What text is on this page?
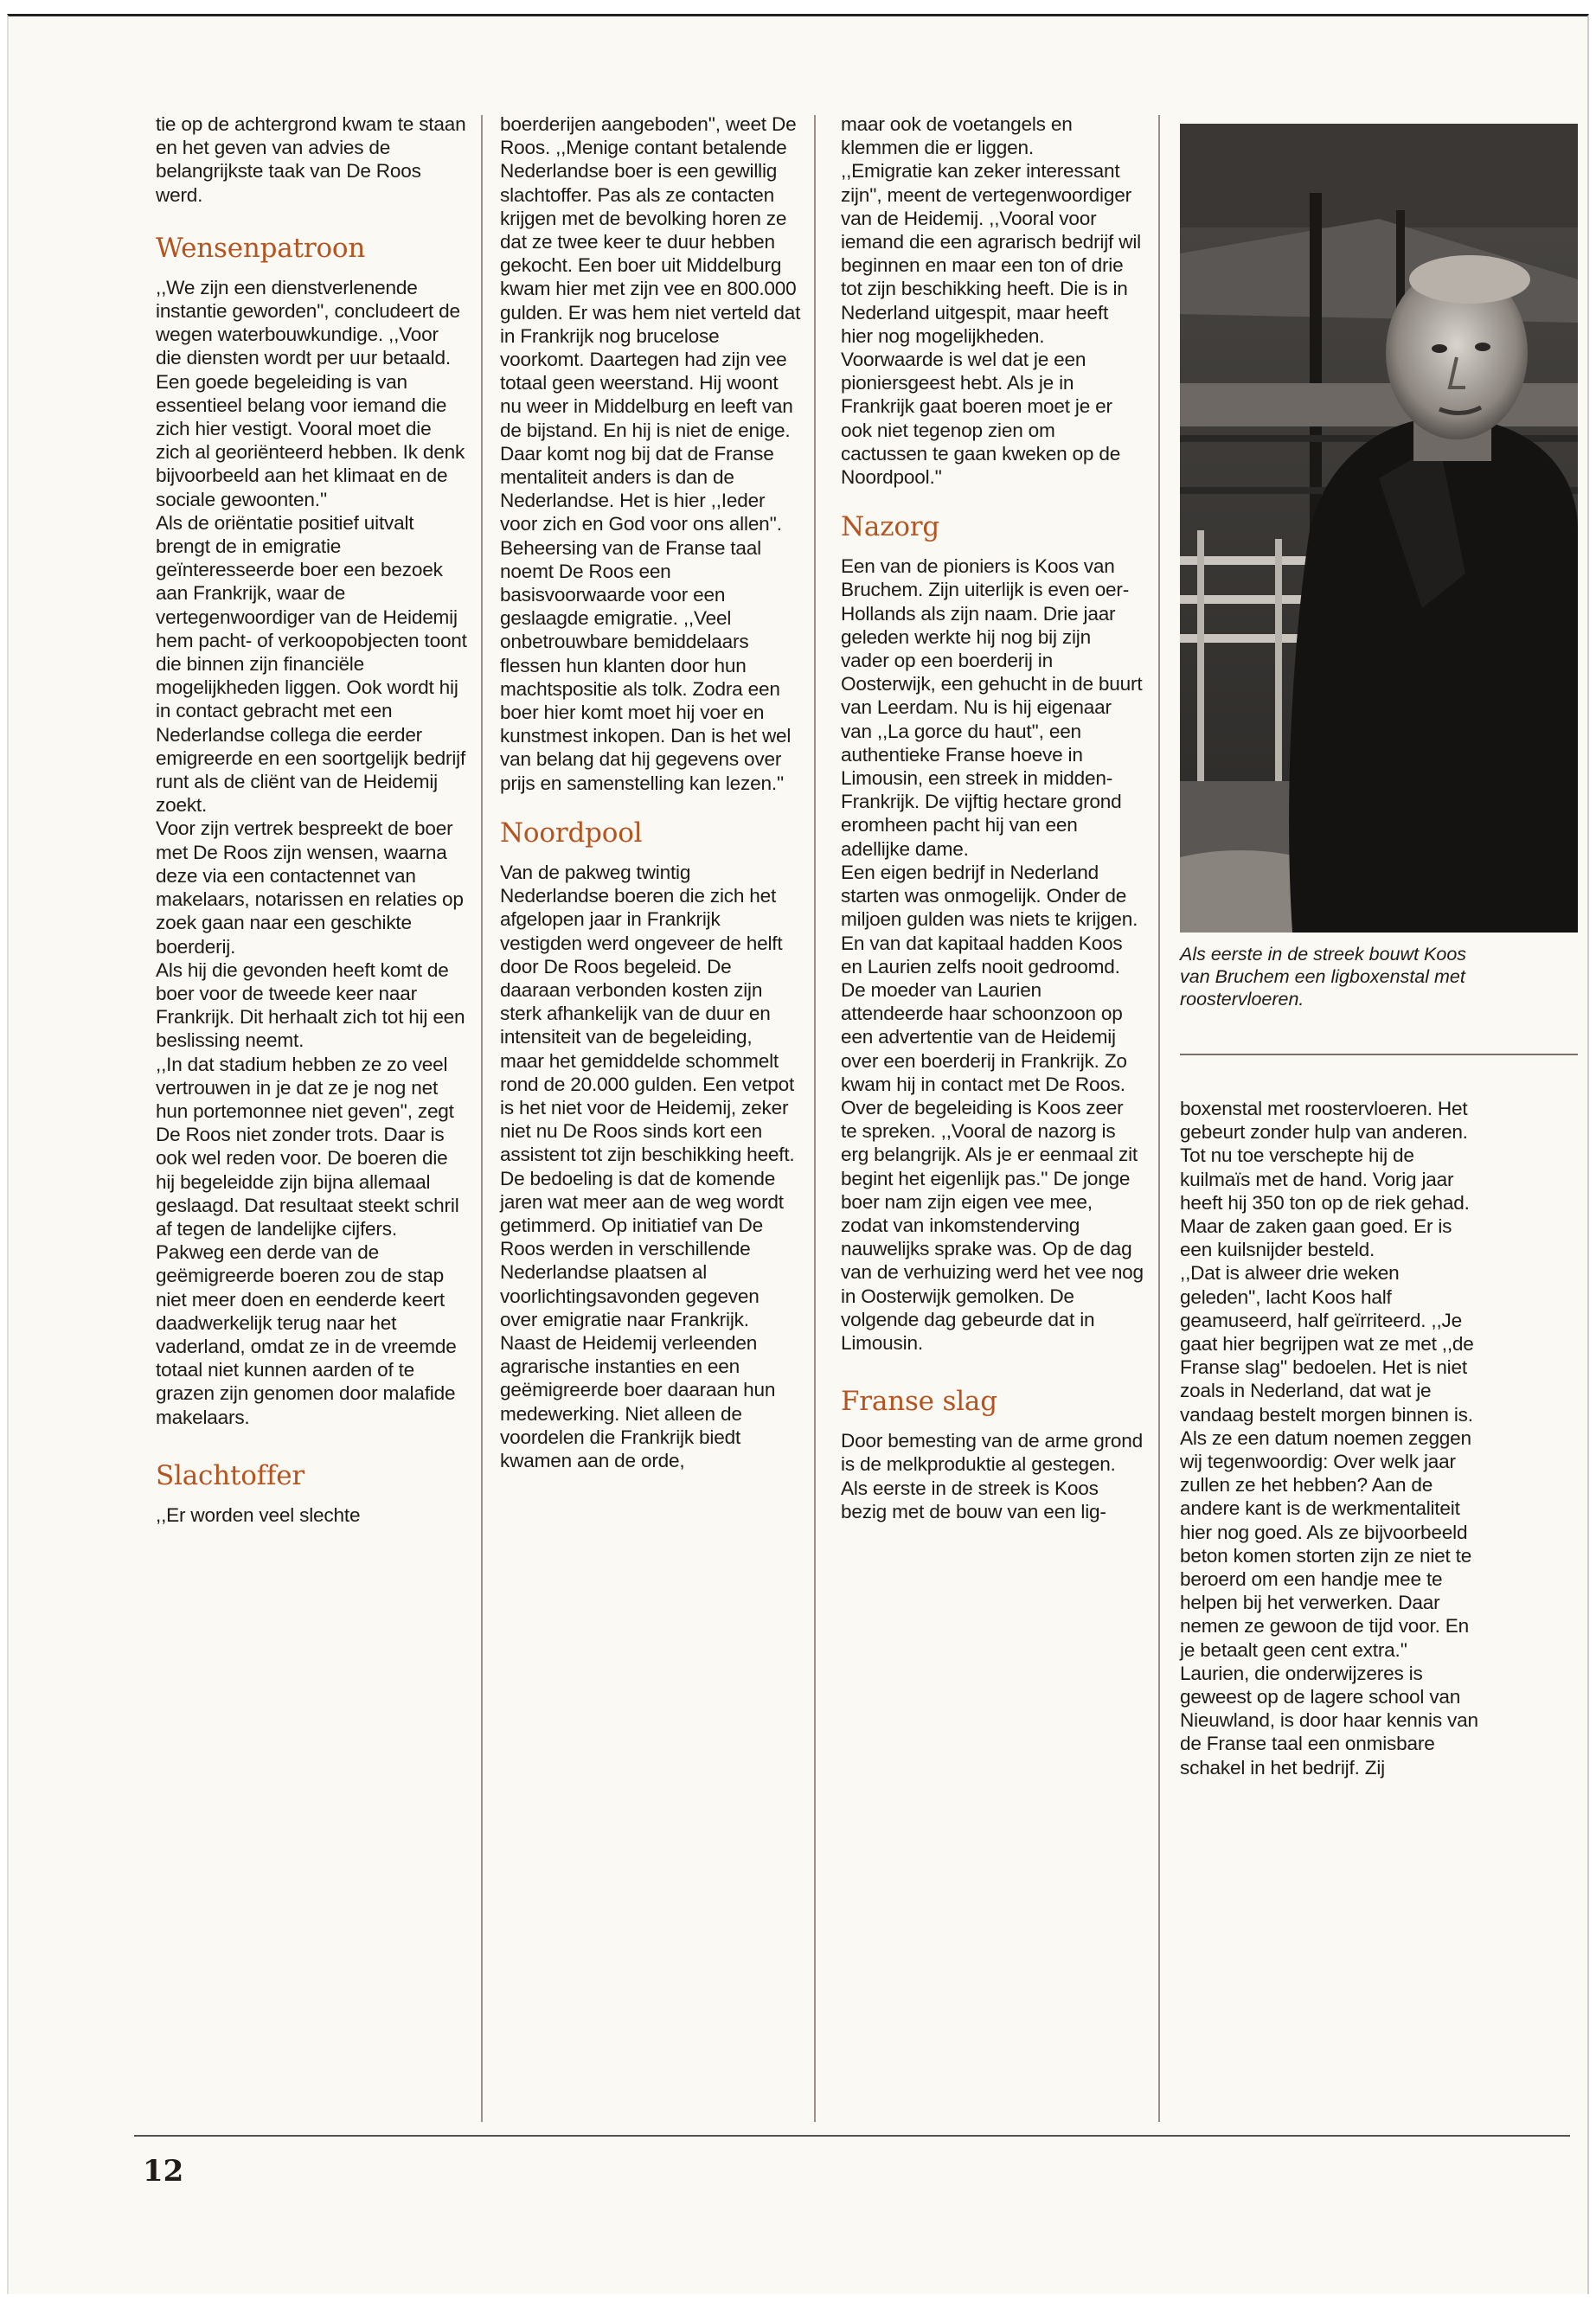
tie op de achtergrond kwam te staan en het geven van advies de belangrijkste taak van De Roos werd.

Wensenpatroon

,,We zijn een dienstverlenende instantie geworden'', concludeert de wegen waterbouwkundige. ,,Voor die diensten wordt per uur betaald. Een goede begeleiding is van essentieel belang voor iemand die zich hier vestigt. Vooral moet die zich al georiënteerd hebben. Ik denk bijvoorbeeld aan het klimaat en de sociale gewoonten.''

Als de oriëntatie positief uitvalt brengt de in emigratie geïnteresseerde boer een bezoek aan Frankrijk, waar de vertegenwoordiger van de Heidemij hem pacht- of verkoopobjecten toont die binnen zijn financiële mogelijkheden liggen. Ook wordt hij in contact gebracht met een Nederlandse collega die eerder emigreerde en een soortgelijk bedrijf runt als de cliënt van de Heidemij zoekt.

Voor zijn vertrek bespreekt de boer met De Roos zijn wensen, waarna deze via een contactennet van makelaars, notarissen en relaties op zoek gaan naar een geschikte boerderij.

Als hij die gevonden heeft komt de boer voor de tweede keer naar Frankrijk. Dit herhaalt zich tot hij een beslissing neemt.

,,In dat stadium hebben ze zo veel vertrouwen in je dat ze je nog net hun portemonnee niet geven'', zegt De Roos niet zonder trots. Daar is ook wel reden voor. De boeren die hij begeleidde zijn bijna allemaal geslaagd. Dat resultaat steekt schril af tegen de landelijke cijfers. Pakweg een derde van de geëmigreerde boeren zou de stap niet meer doen en eenderde keert daadwerkelijk terug naar het vaderland, omdat ze in de vreemde totaal niet kunnen aarden of te grazen zijn genomen door malafide makelaars.

Slachtoffer

,,Er worden veel slechte

boerderijen aangeboden'', weet De Roos. ,,Menige contant betalende Nederlandse boer is een gewillig slachtoffer. Pas als ze contacten krijgen met de bevolking horen ze dat ze twee keer te duur hebben gekocht. Een boer uit Middelburg kwam hier met zijn vee en 800.000 gulden. Er was hem niet verteld dat in Frankrijk nog brucelose voorkomt. Daartegen had zijn vee totaal geen weerstand. Hij woont nu weer in Middelburg en leeft van de bijstand. En hij is niet de enige. Daar komt nog bij dat de Franse mentaliteit anders is dan de Nederlandse. Het is hier ,,Ieder voor zich en God voor ons allen''.

Beheersing van de Franse taal noemt De Roos een basisvoorwaarde voor een geslaagde emigratie. ,,Veel onbetrouwbare bemiddelaars flessen hun klanten door hun machtspositie als tolk. Zodra een boer hier komt moet hij voer en kunstmest inkopen. Dan is het wel van belang dat hij gegevens over prijs en samenstelling kan lezen.''

Noordpool

Van de pakweg twintig Nederlandse boeren die zich het afgelopen jaar in Frankrijk vestigden werd ongeveer de helft door De Roos begeleid. De daaraan verbonden kosten zijn sterk afhankelijk van de duur en intensiteit van de begeleiding, maar het gemiddelde schommelt rond de 20.000 gulden. Een vetpot is het niet voor de Heidemij, zeker niet nu De Roos sinds kort een assistent tot zijn beschikking heeft.

De bedoeling is dat de komende jaren wat meer aan de weg wordt getimmerd. Op initiatief van De Roos werden in verschillende Nederlandse plaatsen al voorlichtingsavonden gegeven over emigratie naar Frankrijk. Naast de Heidemij verleenden agrarische instanties en een geëmigreerde boer daaraan hun medewerking. Niet alleen de voordelen die Frankrijk biedt kwamen aan de orde,

maar ook de voetangels en klemmen die er liggen.

,,Emigratie kan zeker interessant zijn'', meent de vertegenwoordiger van de Heidemij. ,,Vooral voor iemand die een agrarisch bedrijf wil beginnen en maar een ton of drie tot zijn beschikking heeft. Die is in Nederland uitgespit, maar heeft hier nog mogelijkheden. Voorwaarde is wel dat je een pioniersgeest hebt. Als je in Frankrijk gaat boeren moet je er ook niet tegenop zien om cactussen te gaan kweken op de Noordpool.''

Nazorg

Een van de pioniers is Koos van Bruchem. Zijn uiterlijk is even oer-Hollands als zijn naam. Drie jaar geleden werkte hij nog bij zijn vader op een boerderij in Oosterwijk, een gehucht in de buurt van Leerdam. Nu is hij eigenaar van ,,La gorce du haut'', een authentieke Franse hoeve in Limousin, een streek in midden-Frankrijk. De vijftig hectare grond eromheen pacht hij van een adellijke dame.

Een eigen bedrijf in Nederland starten was onmogelijk. Onder de miljoen gulden was niets te krijgen. En van dat kapitaal hadden Koos en Laurien zelfs nooit gedroomd. De moeder van Laurien attendeerde haar schoonzoon op een advertentie van de Heidemij over een boerderij in Frankrijk. Zo kwam hij in contact met De Roos.

Over de begeleiding is Koos zeer te spreken. ,,Vooral de nazorg is erg belangrijk. Als je er eenmaal zit begint het eigenlijk pas.'' De jonge boer nam zijn eigen vee mee, zodat van inkomstenderving nauwelijks sprake was. Op de dag van de verhuizing werd het vee nog in Oosterwijk gemolken. De volgende dag gebeurde dat in Limousin.

Franse slag

Door bemesting van de arme grond is de melkproduktie al gestegen. Als eerste in de streek is Koos bezig met de bouw van een lig-

Als eerste in de streek bouwt Koos van Bruchem een ligboxenstal met roostervloeren.

boxenstal met roostervloeren. Het gebeurt zonder hulp van anderen. Tot nu toe verschepte hij de kuilmaïs met de hand. Vorig jaar heeft hij 350 ton op de riek gehad. Maar de zaken gaan goed. Er is een kuilsnijder besteld.

,,Dat is alweer drie weken geleden'', lacht Koos half geamuseerd, half geïrriteerd. ,,Je gaat hier begrijpen wat ze met ,,de Franse slag'' bedoelen. Het is niet zoals in Nederland, dat wat je vandaag bestelt morgen binnen is. Als ze een datum noemen zeggen wij tegenwoordig: Over welk jaar zullen ze het hebben? Aan de andere kant is de werkmentaliteit hier nog goed. Als ze bijvoorbeeld beton komen storten zijn ze niet te beroerd om een handje mee te helpen bij het verwerken. Daar nemen ze gewoon de tijd voor. En je betaalt geen cent extra.''

Laurien, die onderwijzeres is geweest op de lagere school van Nieuwland, is door haar kennis van de Franse taal een onmisbare schakel in het bedrijf. Zij

12
